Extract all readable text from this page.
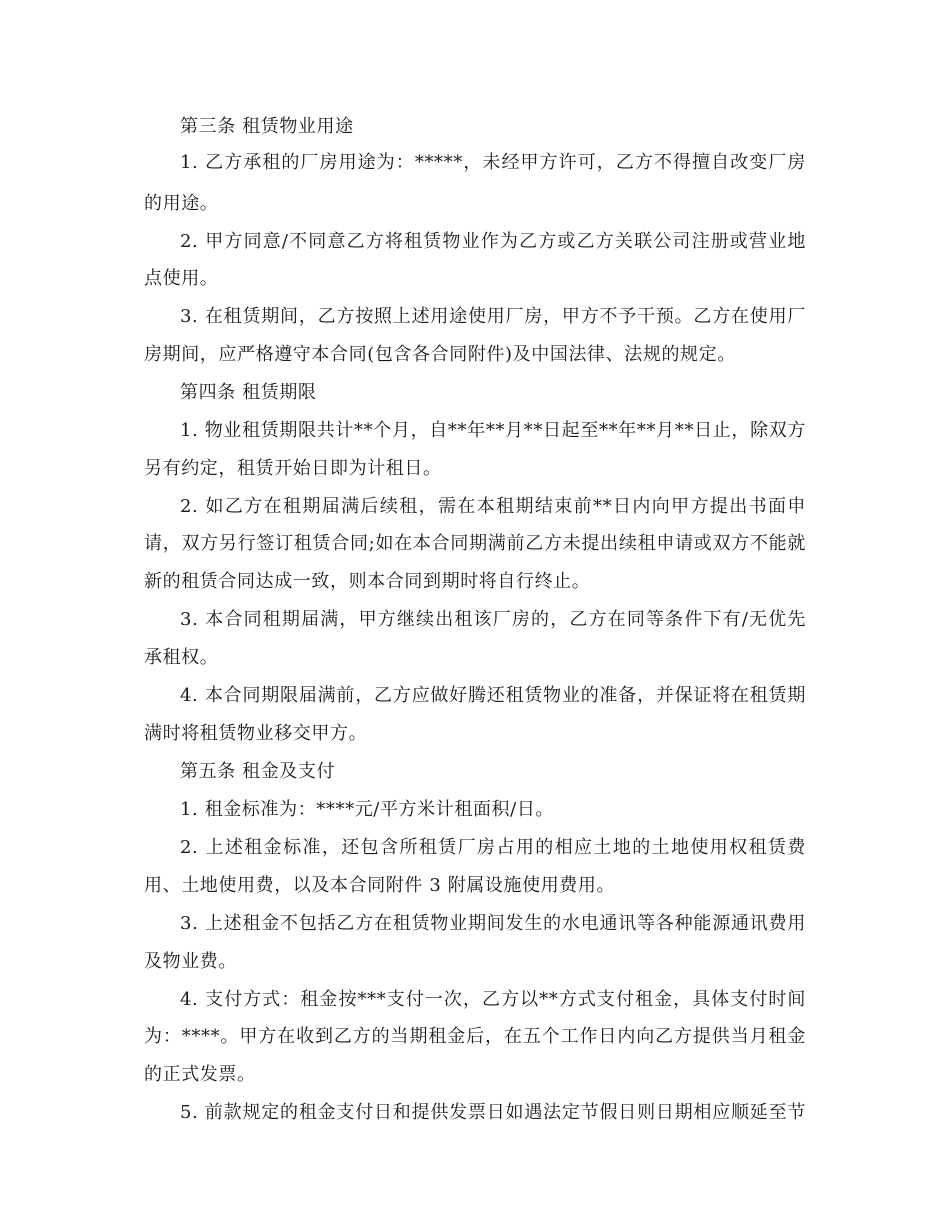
第三条 租赁物业用途
1. 乙方承租的厂房用途为：*****，未经甲方许可，乙方不得擅自改变厂房
的用途。
2. 甲方同意/不同意乙方将租赁物业作为乙方或乙方关联公司注册或营业地
点使用。
3. 在租赁期间，乙方按照上述用途使用厂房，甲方不予干预。乙方在使用厂
房期间，应严格遵守本合同(包含各合同附件)及中国法律、法规的规定。
第四条 租赁期限
1. 物业租赁期限共计**个月，自**年**月**日起至**年**月**日止，除双方
另有约定，租赁开始日即为计租日。
2. 如乙方在租期届满后续租，需在本租期结束前**日内向甲方提出书面申
请，双方另行签订租赁合同;如在本合同期满前乙方未提出续租申请或双方不能就
新的租赁合同达成一致，则本合同到期时将自行终止。
3. 本合同租期届满，甲方继续出租该厂房的，乙方在同等条件下有/无优先
承租权。
4. 本合同期限届满前，乙方应做好腾还租赁物业的准备，并保证将在租赁期
满时将租赁物业移交甲方。
第五条 租金及支付
1. 租金标准为：****元/平方米计租面积/日。
2. 上述租金标准，还包含所租赁厂房占用的相应土地的土地使用权租赁费
用、土地使用费，以及本合同附件 3 附属设施使用费用。
3. 上述租金不包括乙方在租赁物业期间发生的水电通讯等各种能源通讯费用
及物业费。
4. 支付方式：租金按***支付一次，乙方以**方式支付租金，具体支付时间
为：****。甲方在收到乙方的当期租金后，在五个工作日内向乙方提供当月租金
的正式发票。
5. 前款规定的租金支付日和提供发票日如遇法定节假日则日期相应顺延至节
